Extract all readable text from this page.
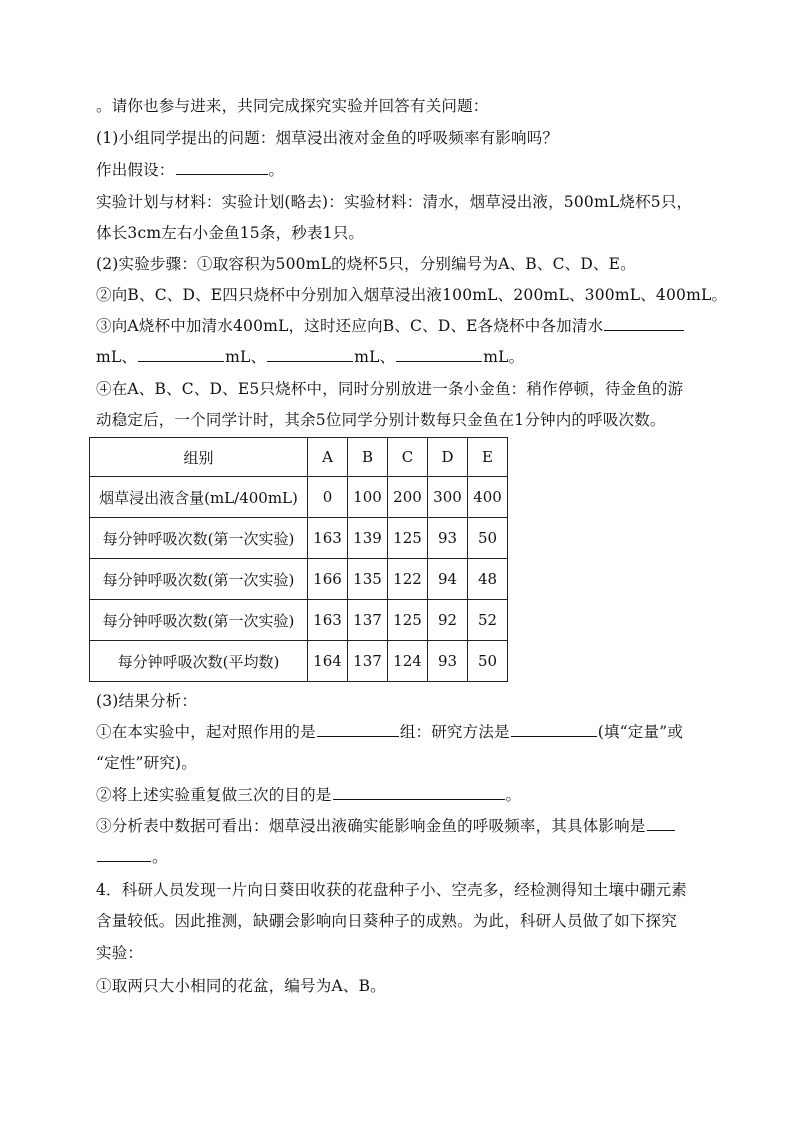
。请你也参与进来，共同完成探究实验并回答有关问题：
(1)小组同学提出的问题：烟草浸出液对金鱼的呼吸频率有影响吗？
作出假设：	。
实验计划与材料：实验计划(略去)：实验材料：清水，烟草浸出液，500mL烧杯5只，
体长3cm左右小金鱼15条，秒表1只。
(2)实验步骤：①取容积为500mL的烧杯5只，分别编号为A、B、C、D、E。
②向B、C、D、E四只烧杯中分别加入烟草浸出液100mL、200mL、300mL、400mL。
③向A烧杯中加清水400mL，这时还应向B、C、D、E各烧杯中各加清水
mL、	mL、	mL、	mL。
④在A、B、C、D、E5只烧杯中，同时分别放进一条小金鱼：稍作停顿，待金鱼的游
动稳定后，一个同学计时，其余5位同学分别计数每只金鱼在1分钟内的呼吸次数。
组别	A	B	C	D	E
烟草浸出液含量(mL/400mL)	0	100	200	300	400
每分钟呼吸次数(第一次实验)	163	139	125	93	50
每分钟呼吸次数(第一次实验)	166	135	122	94	48
每分钟呼吸次数(第一次实验)	163	137	125	92	52
每分钟呼吸次数(平均数)	164	137	124	93	50
(3)结果分析：
①在本实验中，起对照作用的是	组：研究方法是	(填“定量”或
“定性”研究)。
②将上述实验重复做三次的目的是	。
③分析表中数据可看出：烟草浸出液确实能影响金鱼的呼吸频率，其具体影响是
。
4．科研人员发现一片向日葵田收获的花盘种子小、空壳多，经检测得知土壤中硼元素
含量较低。因此推测，缺硼会影响向日葵种子的成熟。为此，科研人员做了如下探究
实验：
①取两只大小相同的花盆，编号为A、B。
